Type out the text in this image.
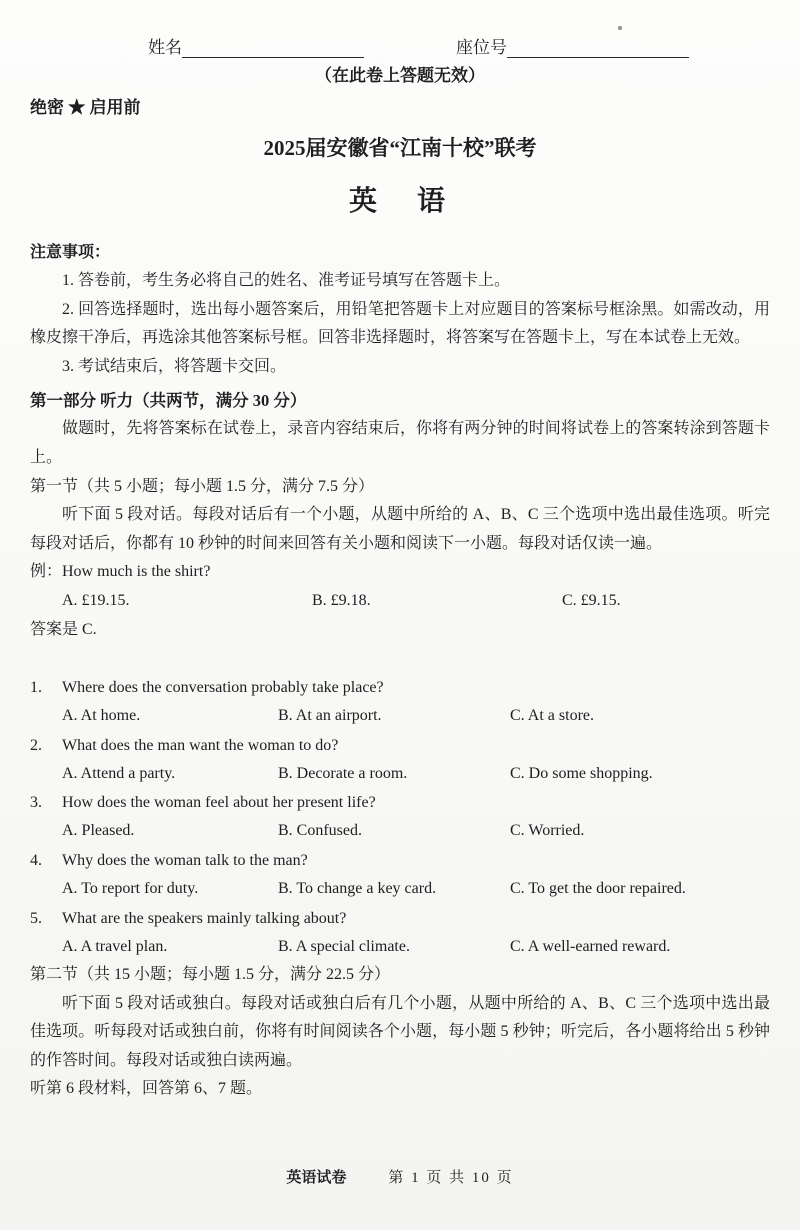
姓名	座位号
（在此卷上答题无效）
绝密 ★ 启用前
2025届安徽省“江南十校”联考
英　语
注意事项：

1. 答卷前，考生务必将自己的姓名、准考证号填写在答题卡上。

2. 回答选择题时，选出每小题答案后，用铅笔把答题卡上对应题目的答案标号框涂黑。如需改动，用橡皮擦干净后，再选涂其他答案标号框。回答非选择题时，将答案写在答题卡上，写在本试卷上无效。

3. 考试结束后，将答题卡交回。

第一部分 听力（共两节，满分 30 分）

做题时，先将答案标在试卷上，录音内容结束后，你将有两分钟的时间将试卷上的答案转涂到答题卡上。

第一节（共 5 小题；每小题 1.5 分，满分 7.5 分）

听下面 5 段对话。每段对话后有一个小题，从题中所给的 A、B、C 三个选项中选出最佳选项。听完每段对话后，你都有 10 秒钟的时间来回答有关小题和阅读下一小题。每段对话仅读一遍。

例：How much is the shirt?
A. £19.15.	B. £9.18.	C. £9.15.
答案是 C.
1.	Where does the conversation probably take place?
A. At home.	B. At an airport.	C. At a store.
2.	What does the man want the woman to do?
A. Attend a party.	B. Decorate a room.	C. Do some shopping.
3.	How does the woman feel about her present life?
A. Pleased.	B. Confused.	C. Worried.
4.	Why does the woman talk to the man?
A. To report for duty.	B. To change a key card.	C. To get the door repaired.
5.	What are the speakers mainly talking about?
A. A travel plan.	B. A special climate.	C. A well-earned reward.
第二节（共 15 小题；每小题 1.5 分，满分 22.5 分）

听下面 5 段对话或独白。每段对话或独白后有几个小题，从题中所给的 A、B、C 三个选项中选出最佳选项。听每段对话或独白前，你将有时间阅读各个小题，每小题 5 秒钟；听完后，各小题将给出 5 秒钟的作答时间。每段对话或独白读两遍。

听第 6 段材料，回答第 6、7 题。
英语试卷	第 1 页 共 10 页
